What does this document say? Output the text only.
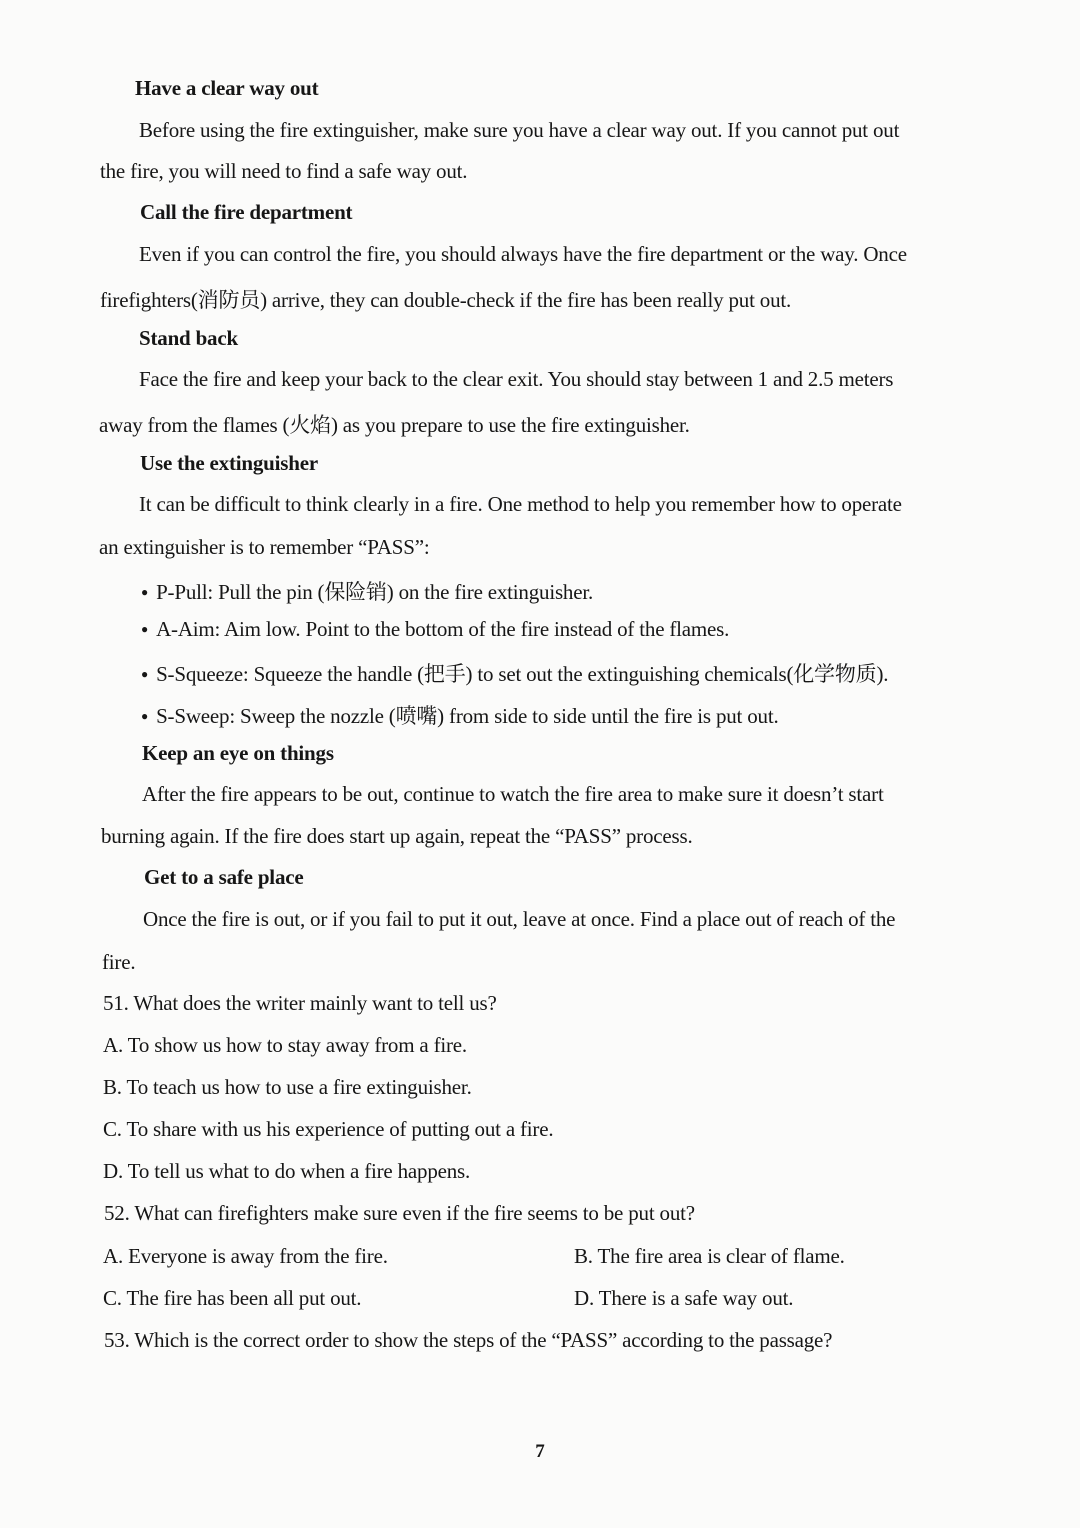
Have a clear way out
Before using the fire extinguisher, make sure you have a clear way out. If you cannot put out
the fire, you will need to find a safe way out.
Call the fire department
Even if you can control the fire, you should always have the fire department or the way. Once
firefighters(消防员) arrive, they can double-check if the fire has been really put out.
Stand back
Face the fire and keep your back to the clear exit. You should stay between 1 and 2.5 meters
away from the flames (火焰) as you prepare to use the fire extinguisher.
Use the extinguisher
It can be difficult to think clearly in a fire. One method to help you remember how to operate
an extinguisher is to remember “PASS”:
● P-Pull: Pull the pin (保险销) on the fire extinguisher.
● A-Aim: Aim low. Point to the bottom of the fire instead of the flames.
● S-Squeeze: Squeeze the handle (把手) to set out the extinguishing chemicals(化学物质).
● S-Sweep: Sweep the nozzle (喷嘴) from side to side until the fire is put out.
Keep an eye on things
After the fire appears to be out, continue to watch the fire area to make sure it doesn’t start
burning again. If the fire does start up again, repeat the “PASS” process.
Get to a safe place
Once the fire is out, or if you fail to put it out, leave at once. Find a place out of reach of the
fire.
51. What does the writer mainly want to tell us?
A. To show us how to stay away from a fire.
B. To teach us how to use a fire extinguisher.
C. To share with us his experience of putting out a fire.
D. To tell us what to do when a fire happens.
52. What can firefighters make sure even if the fire seems to be put out?
A. Everyone is away from the fire.	B. The fire area is clear of flame.
C. The fire has been all put out.	D. There is a safe way out.
53. Which is the correct order to show the steps of the “PASS” according to the passage?
7
